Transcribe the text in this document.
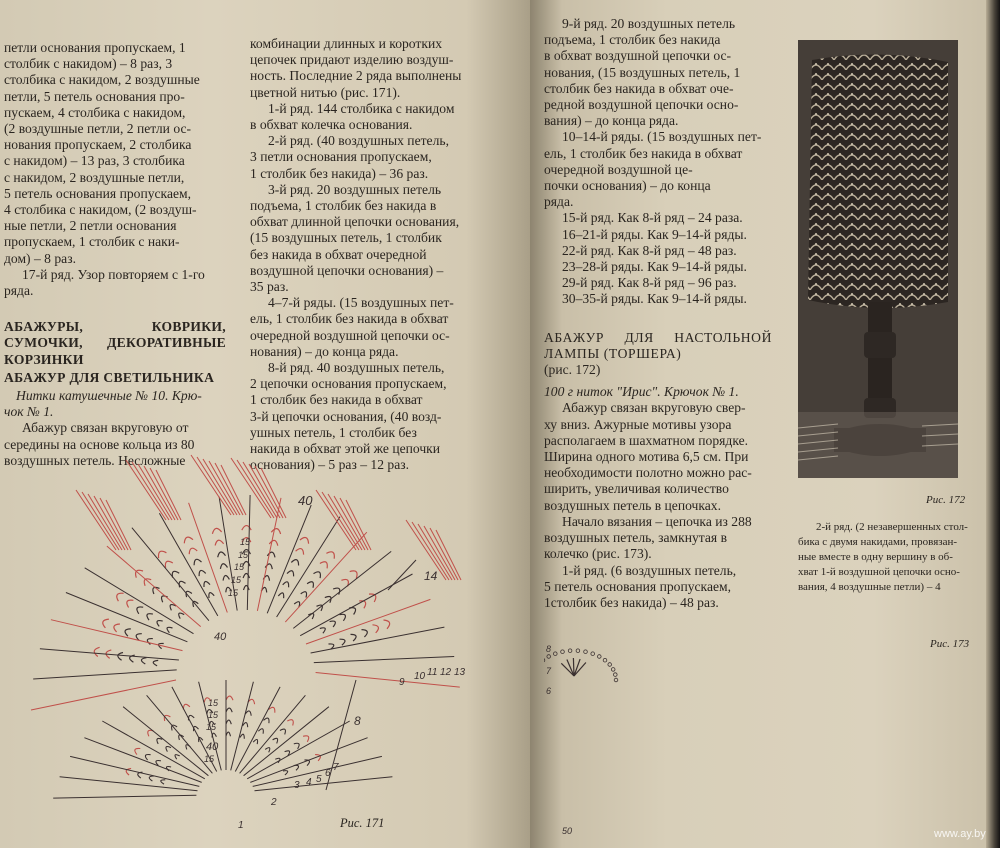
петли основания пропускаем, 1

столбик с накидом) – 8 раз, 3

столбика с накидом, 2 воздушные

петли, 5 петель основания про-

пускаем, 4 столбика с накидом,

(2 воздушные петли, 2 петли ос-

нования пропускаем, 2 столбика

с накидом) – 13 раз, 3 столбика

с накидом, 2 воздушные петли,

5 петель основания пропускаем,

4 столбика с накидом, (2 воздуш-

ные петли, 2 петли основания

пропускаем, 1 столбик с наки-

дом) – 8 раз.

17-й ряд. Узор повторяем с 1-го

ряда.

АБАЖУРЫ, КОВРИКИ, СУМОЧКИ, ДЕКОРАТИВНЫЕ КОРЗИНКИ

АБАЖУР ДЛЯ СВЕТИЛЬНИКА

Нитки катушечные № 10. Крю-

чок № 1.

Абажур связан вкруговую от

середины на основе кольца из 80

воздушных петель. Несложные

комбинации длинных и коротких

цепочек придают изделию воздуш-

ность. Последние 2 ряда выполнены

цветной нитью (рис. 171).

1-й ряд. 144 столбика с накидом

в обхват колечка основания.

2-й ряд. (40 воздушных петель,

3 петли основания пропускаем,

1 столбик без накида) – 36 раз.

3-й ряд. 20 воздушных петель

подъема, 1 столбик без накида в

обхват длинной цепочки основания,

(15 воздушных петель, 1 столбик

без накида в обхват очередной

воздушной цепочки основания) –

35 раз.

4–7-й ряды. (15 воздушных пет-

ель, 1 столбик без накида в обхват

очередной воздушной цепочки ос-

нования) – до конца ряда.

8-й ряд. 40 воздушных петель,

2 цепочки основания пропускаем,

1 столбик без накида в обхват

3-й цепочки основания, (40 возд-

ушных петель, 1 столбик без

накида в обхват этой же цепочки

основания) – 5 раз – 12 раз.

40
14
40
8
40
9
10 11 12 13
1
2
3 4 5
6
7
15
15
15
15
15
15
15
15
15
Рис. 171

9-й ряд. 20 воздушных петель

подъема, 1 столбик без накида

в обхват воздушной цепочки ос-

нования, (15 воздушных петель, 1

столбик без накида в обхват оче-

редной воздушной цепочки осно-

вания) – до конца ряда.

10–14-й ряды. (15 воздушных пет-

ель, 1 столбик без накида в обхват

очередной воздушной це-

почки основания) – до конца

ряда.

15-й ряд. Как 8-й ряд – 24 раза.

16–21-й ряды. Как 9–14-й ряды.

22-й ряд. Как 8-й ряд – 48 раз.

23–28-й ряды. Как 9–14-й ряды.

29-й ряд. Как 8-й ряд – 96 раз.

30–35-й ряды. Как 9–14-й ряды.

АБАЖУР ДЛЯ НАСТОЛЬНОЙ ЛАМПЫ (ТОРШЕРА)

(рис. 172)

100 г ниток "Ирис". Крючок № 1.

Абажур связан вкруговую свер-

ху вниз. Ажурные мотивы узора

располагаем в шахматном порядке.

Ширина одного мотива 6,5 см. При

необходимости полотно можно рас-

ширить, увеличивая количество

воздушных петель в цепочках.

Начало вязания – цепочка из 288

воздушных петель, замкнутая в

колечко (рис. 173).

1-й ряд. (6 воздушных петель,

5 петель основания пропускаем,

1столбик без накида) – 48 раз.

Рис. 172

2-й ряд. (2 незавершенных стол-

бика с двумя накидами, провязан-

ные вместе в одну вершину в об-

хват 1-й воздушной цепочки осно-

вания, 4 воздушные петли) – 4

Рис. 173
8
7
6
50	www.ay.by
